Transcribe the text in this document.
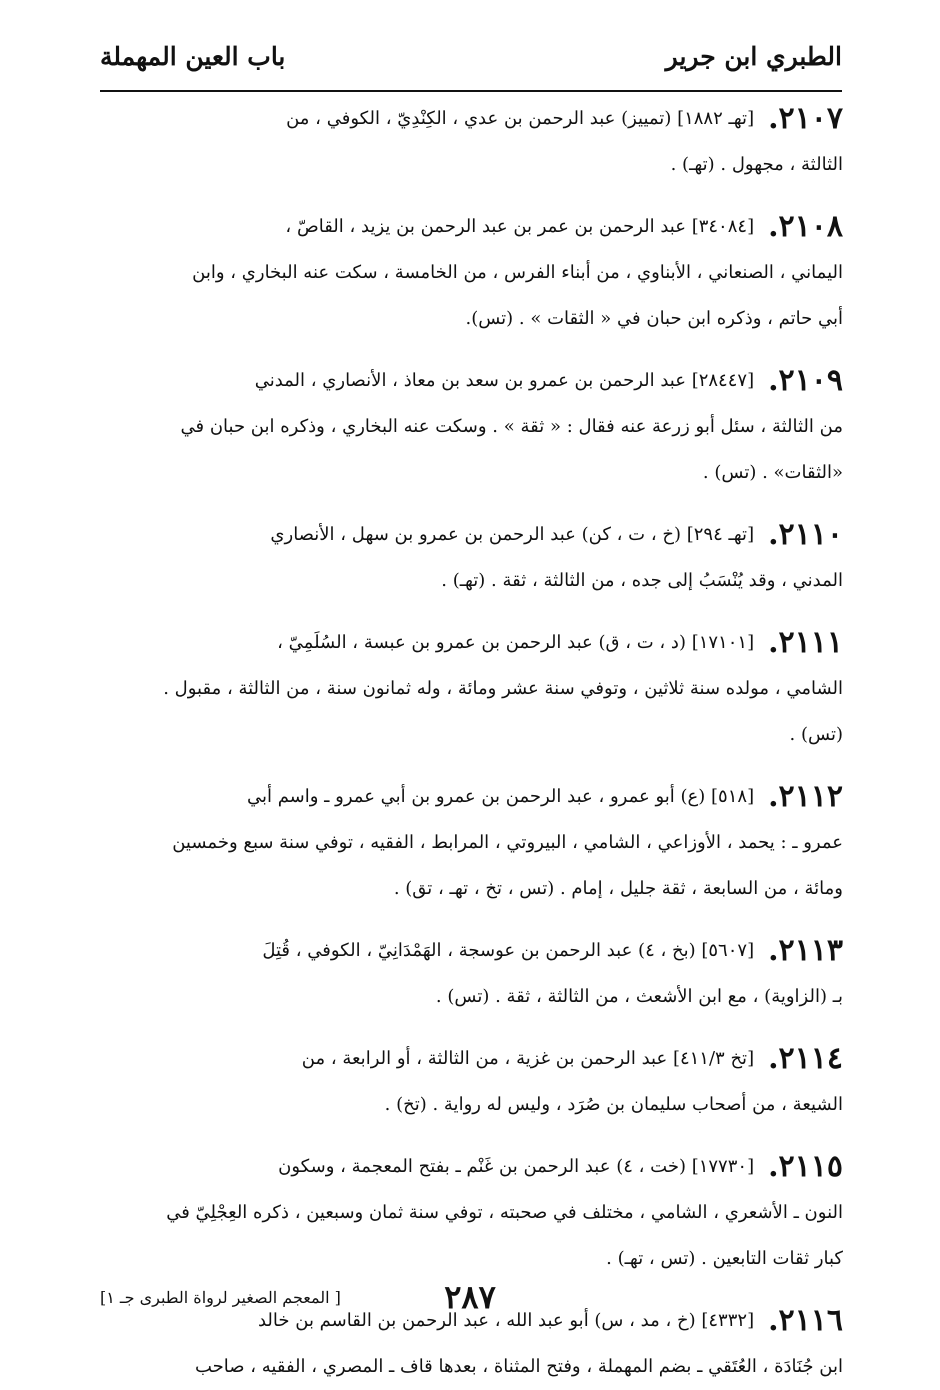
الطبري ابن جرير
باب العين المهملة
٢١٠٧.[تهـ ١٨٨٢] (تمييز) عبد الرحمن بن عدي ، الكِنْدِيّ ، الكوفي ، من
الثالثة ، مجهول . (تهـ) .
٢١٠٨.[٣٤٠٨٤] عبد الرحمن بن عمر بن عبد الرحمن بن يزيد ، القاصّ ،
اليماني ، الصنعاني ، الأبناوي ، من أبناء الفرس ، من الخامسة ، سكت عنه البخاري ، وابن
أبي حاتم ، وذكره ابن حبان في « الثقات » . (تس).
٢١٠٩.[٢٨٤٤٧] عبد الرحمن بن عمرو بن سعد بن معاذ ، الأنصاري ، المدني
من الثالثة ، سئل أبو زرعة عنه فقال : « ثقة » . وسكت عنه البخاري ، وذكره ابن حبان في
«الثقات» . (تس) .
٢١١٠.[تهـ ٢٩٤] (خ ، ت ، كن) عبد الرحمن بن عمرو بن سهل ، الأنصاري
المدني ، وقد يُنْسَبُ إلى جده ، من الثالثة ، ثقة . (تهـ) .
٢١١١.[١٧١٠١] (د ، ت ، ق) عبد الرحمن بن عمرو بن عبسة ، السُلَمِيّ ،
الشامي ، مولده سنة ثلاثين ، وتوفي سنة عشر ومائة ، وله ثمانون سنة ، من الثالثة ، مقبول .
(تس) .
٢١١٢.[٥١٨] (ع) أبو عمرو ، عبد الرحمن بن عمرو بن أبي عمرو ـ واسم أبي
عمرو ـ : يحمد ، الأوزاعي ، الشامي ، البيروتي ، المرابط ، الفقيه ، توفي سنة سبع وخمسين
ومائة ، من السابعة ، ثقة جليل ، إمام . (تس ، تخ ، تهـ ، تق) .
٢١١٣.[٥٦٠٧] (بخ ، ٤) عبد الرحمن بن عوسجة ، الهَمْدَانِيّ ، الكوفي ، قُتِلَ
بـ (الزاوية) ، مع ابن الأشعث ، من الثالثة ، ثقة . (تس) .
٢١١٤.[تخ ٤١١/٣] عبد الرحمن بن غزية ، من الثالثة ، أو الرابعة ، من
الشيعة ، من أصحاب سليمان بن صُرَد ، وليس له رواية . (تخ) .
٢١١٥.[١٧٧٣٠] (خت ، ٤) عبد الرحمن بن غَنْم ـ بفتح المعجمة ، وسكون
النون ـ الأشعري ، الشامي ، مختلف في صحبته ، توفي سنة ثمان وسبعين ، ذكره العِجْلِيّ في
كبار ثقات التابعين . (تس ، تهـ) .
٢١١٦.[٤٣٣٢] (خ ، مد ، س) أبو عبد الله ، عبد الرحمن بن القاسم بن خالد
ابن جُنَادَة ، العُتَقي ـ بضم المهملة ، وفتح المثناة ، بعدها قاف ـ المصري ، الفقيه ، صاحب
٢٨٧
[ المعجم الصغير لرواة الطبرى جـ ١]
